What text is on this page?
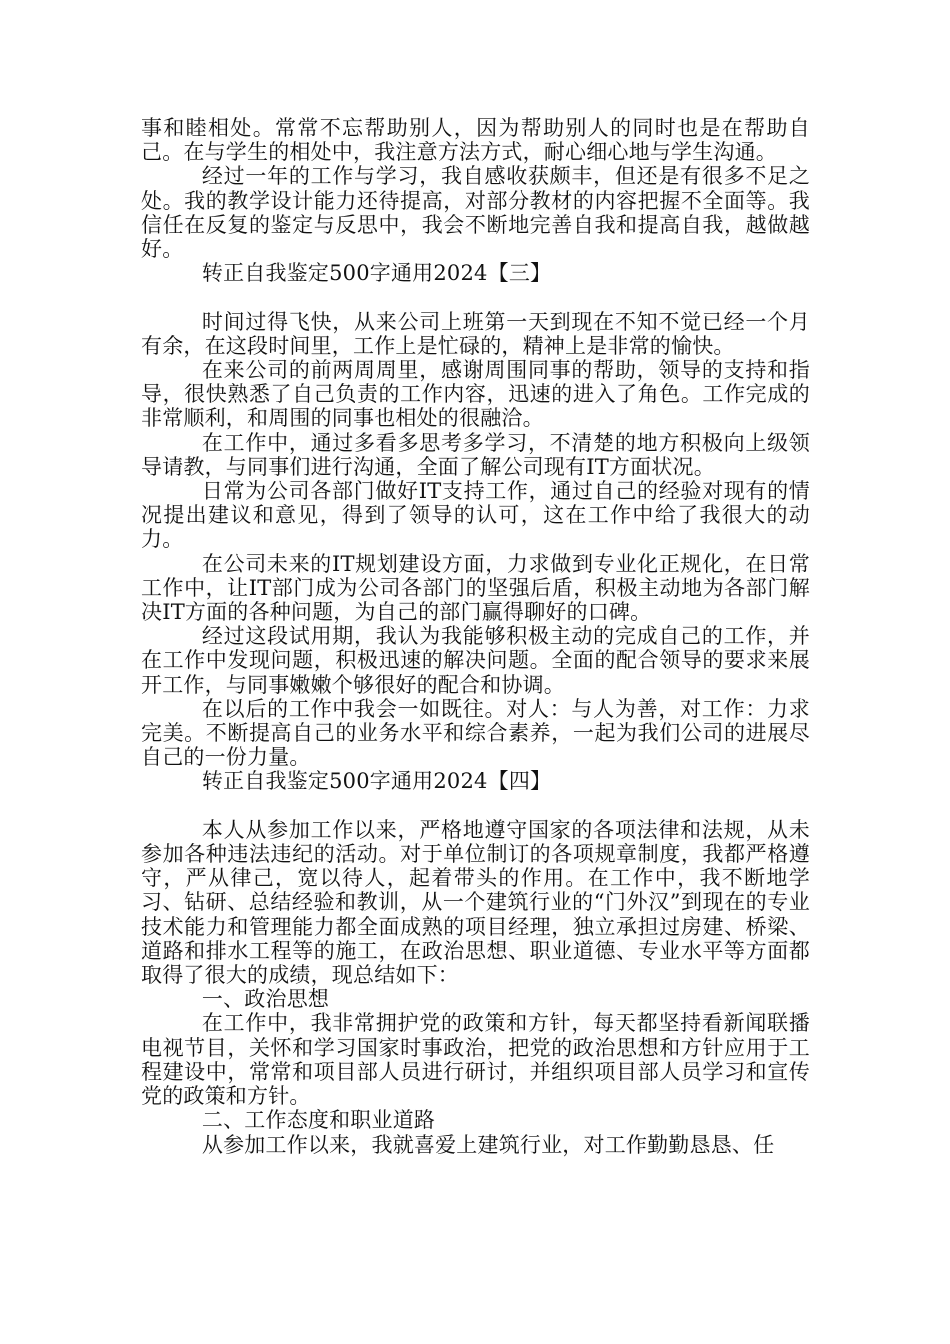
事和睦相处。常常不忘帮助别人，因为帮助别人的同时也是在帮助自己。在与学生的相处中，我注意方法方式，耐心细心地与学生沟通。

经过一年的工作与学习，我自感收获颇丰，但还是有很多不足之处。我的教学设计能力还待提高，对部分教材的内容把握不全面等。我信任在反复的鉴定与反思中，我会不断地完善自我和提高自我，越做越好。

转正自我鉴定500字通用2024【三】

时间过得飞快，从来公司上班第一天到现在不知不觉已经一个月有余，在这段时间里，工作上是忙碌的，精神上是非常的愉快。

在来公司的前两周周里，感谢周围同事的帮助，领导的支持和指导，很快熟悉了自己负责的工作内容，迅速的进入了角色。工作完成的非常顺利，和周围的同事也相处的很融洽。

在工作中，通过多看多思考多学习，不清楚的地方积极向上级领导请教，与同事们进行沟通，全面了解公司现有IT方面状况。

日常为公司各部门做好IT支持工作，通过自己的经验对现有的情况提出建议和意见，得到了领导的认可，这在工作中给了我很大的动力。

在公司未来的IT规划建设方面，力求做到专业化正规化，在日常工作中，让IT部门成为公司各部门的坚强后盾，积极主动地为各部门解决IT方面的各种问题，为自己的部门赢得聊好的口碑。

经过这段试用期，我认为我能够积极主动的完成自己的工作，并在工作中发现问题，积极迅速的解决问题。全面的配合领导的要求来展开工作，与同事嫩嫩个够很好的配合和协调。

在以后的工作中我会一如既往。对人：与人为善，对工作：力求完美。不断提高自己的业务水平和综合素养，一起为我们公司的进展尽自己的一份力量。

转正自我鉴定500字通用2024【四】

本人从参加工作以来，严格地遵守国家的各项法律和法规，从未参加各种违法违纪的活动。对于单位制订的各项规章制度，我都严格遵守，严从律己，宽以待人，起着带头的作用。在工作中，我不断地学习、钻研、总结经验和教训，从一个建筑行业的“门外汉”到现在的专业技术能力和管理能力都全面成熟的项目经理，独立承担过房建、桥梁、道路和排水工程等的施工，在政治思想、职业道德、专业水平等方面都取得了很大的成绩，现总结如下：

一、政治思想

在工作中，我非常拥护党的政策和方针，每天都坚持看新闻联播电视节目，关怀和学习国家时事政治，把党的政治思想和方针应用于工程建设中，常常和项目部人员进行研讨，并组织项目部人员学习和宣传党的政策和方针。

二、工作态度和职业道路

从参加工作以来，我就喜爱上建筑行业，对工作勤勤恳恳、任
